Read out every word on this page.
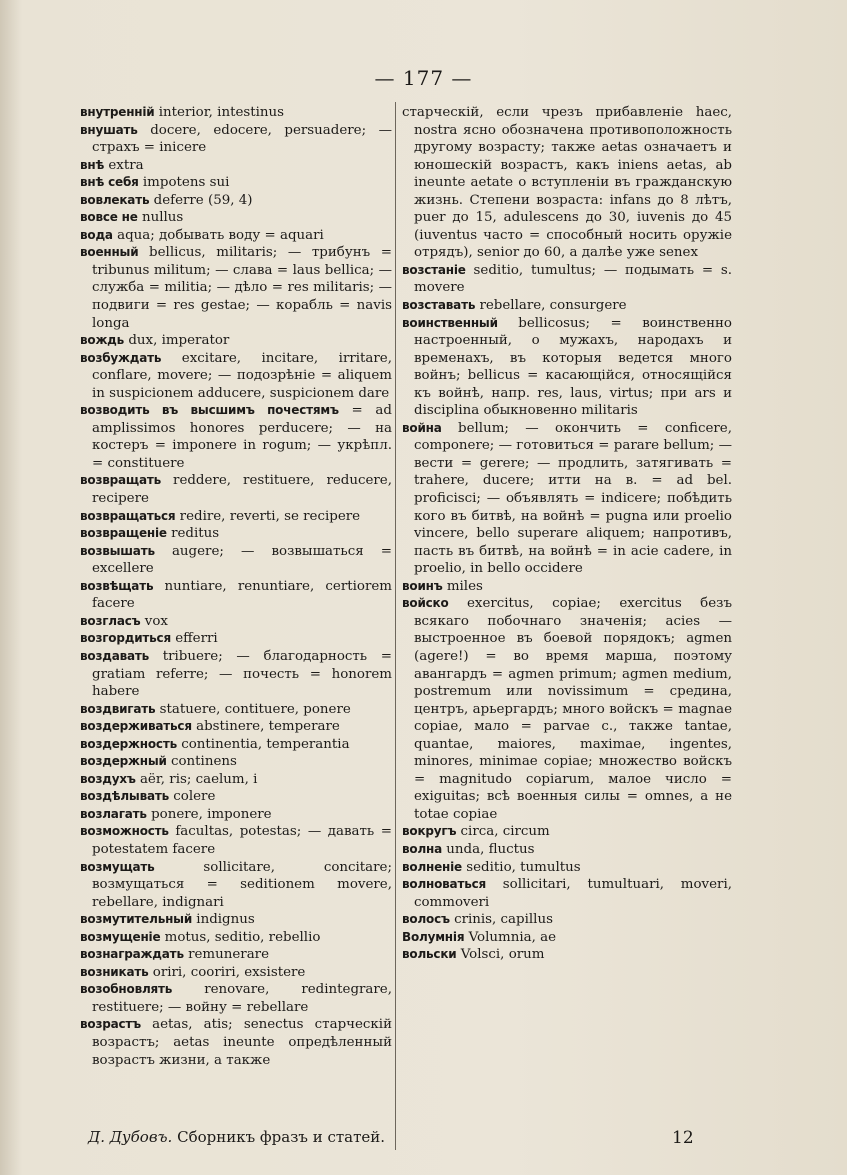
— 177 —
внутренній interior, intestinus
внушать docere, edocere, persuadere; — страхъ = inicere
внѣ extra
внѣ себя impotens sui
вовлекать deferre (59, 4)
вовсе не nullus
вода aqua; добывать воду = aquari
военный bellicus, militaris; — трибунъ = tribunus militum; — слава = laus bellica; — служба = militia; — дѣло = res militaris; — подвиги = res gestae; — корабль = navis longa
вождь dux, imperator
возбуждать excitare, incitare, irritare, conflare, movere; — подозрѣніе = aliquem in suspicionem adducere, suspicionem dare
возводить въ высшимъ почестямъ = ad amplissimos honores perducere; — на костеръ = imponere in rogum; — укрѣпл. = constituere
возвращать reddere, restituere, reducere, recipere
возвращаться redire, reverti, se recipere
возвращеніе reditus
возвышать augere; — возвышаться = excellere
возвѣщать nuntiare, renuntiare, certiorem facere
возгласъ vox
возгордиться efferri
воздавать tribuere; — благодарность = gratiam referre; — почесть = honorem habere
воздвигать statuere, contituere, ponere
воздерживаться abstinere, temperare
воздержность continentia, temperantia
воздержный continens
воздухъ aër, ris; caelum, i
воздѣлывать colere
возлагать ponere, imponere
возможность facultas, potestas; — давать = potestatem facere
возмущать sollicitare, concitare; возмущаться = seditionem movere, rebellare, indignari
возмутительный indignus
возмущеніе motus, seditio, rebellio
вознаграждать remunerare
возникать oriri, cooriri, exsistere
возобновлять renovare, redintegrare, restituere; — войну = rebellare
возрастъ aetas, atis; senectus старческій возрастъ; aetas ineunte опредѣленный возрастъ жизни, а также
старческій, если чрезъ прибавленіе haec, nostra ясно обозначена противоположность другому возрасту; также aetas означаетъ и юношескій возрастъ, какъ iniens aetas, ab ineunte aetate о вступленіи въ гражданскую жизнь. Степени возраста: infans до 8 лѣтъ, puer до 15, adulescens до 30, iuvenis до 45 (iuventus часто = способный носить оружіе отрядъ), senior до 60, а далѣе уже senex
возстаніе seditio, tumultus; — подымать = s. movere
возставать rebellare, consurgere
воинственный bellicosus; = воинственно настроенный, о мужахъ, народахъ и временахъ, въ которыя ведется много войнъ; bellicus = касающійся, относящійся къ войнѣ, напр. res, laus, virtus; при ars и disciplina обыкновенно militaris
война bellum; — окончить = conficere, componere; — готовиться = parare bellum; — вести = gerere; — продлить, затягивать = trahere, ducere; итти на в. = ad bel. proficisci; — объявлять = indicere; побѣдить кого въ битвѣ, на войнѣ = pugna или proelio vincere, bello superare aliquem; напротивъ, пасть въ битвѣ, на войнѣ = in acie cadere, in proelio, in bello occidere
воинъ miles
войско exercitus, copiae; exercitus безъ всякаго побочнаго значенія; acies — выстроенное въ боевой порядокъ; agmen (agere!) = во время марша, поэтому авангардъ = agmen primum; agmen medium, postremum или novissimum = средина, центръ, арьергардъ; много войскъ = magnae copiae, мало = parvae c., также tantae, quantae, maiores, maximae, ingentes, minores, minimae copiae; множество войскъ = magnitudo copiarum, малое число = exiguitas; всѣ военныя силы = omnes, а не totae copiae
вокругъ circa, circum
волна unda, fluctus
волненіе seditio, tumultus
волноваться sollicitari, tumultuari, moveri, commoveri
волосъ crinis, capillus
Волумнія Volumnia, ae
вольски Volsci, orum
Д. Дубовъ. Сборникъ фразъ и статей.	12
